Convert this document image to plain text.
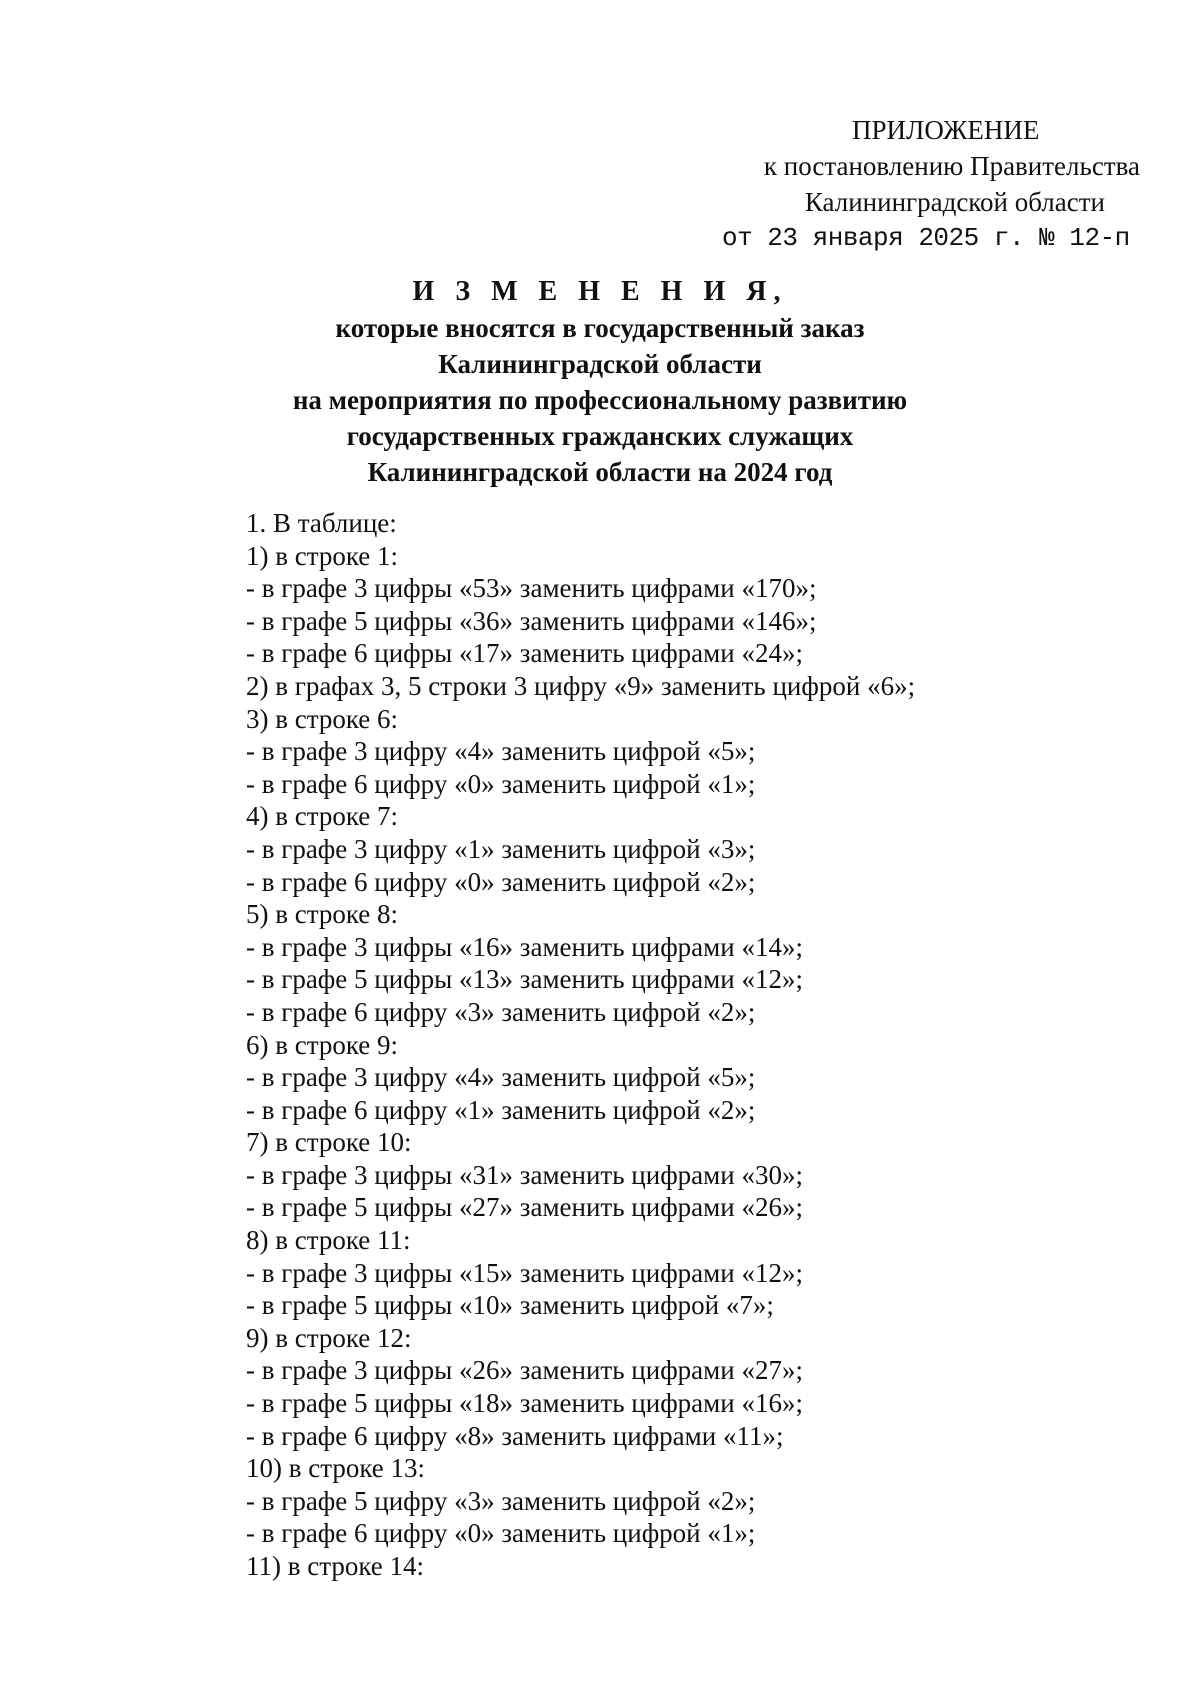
ПРИЛОЖЕНИЕ
к постановлению Правительства
Калининградской области
от 23 января 2025 г. № 12-п
И З М Е Н Е Н И Я,
которые вносятся в государственный заказ
Калининградской области
на мероприятия по профессиональному развитию
государственных гражданских служащих
Калининградской области на 2024 год
1. В таблице:
1) в строке 1:
- в графе 3 цифры «53» заменить цифрами «170»;
- в графе 5 цифры «36» заменить цифрами «146»;
- в графе 6 цифры «17» заменить цифрами «24»;
2) в графах 3, 5 строки 3 цифру «9» заменить цифрой «6»;
3) в строке 6:
- в графе 3 цифру «4» заменить цифрой «5»;
- в графе 6 цифру «0» заменить цифрой «1»;
4) в строке 7:
- в графе 3 цифру «1» заменить цифрой «3»;
- в графе 6 цифру «0» заменить цифрой «2»;
5) в строке 8:
- в графе 3 цифры «16» заменить цифрами «14»;
- в графе 5 цифры «13» заменить цифрами «12»;
- в графе 6 цифру «3» заменить цифрой «2»;
6) в строке 9:
- в графе 3 цифру «4» заменить цифрой «5»;
- в графе 6 цифру «1» заменить цифрой «2»;
7) в строке 10:
- в графе 3 цифры «31» заменить цифрами «30»;
- в графе 5 цифры «27» заменить цифрами «26»;
8) в строке 11:
- в графе 3 цифры «15» заменить цифрами «12»;
- в графе 5 цифры «10» заменить цифрой «7»;
9) в строке 12:
- в графе 3 цифры «26» заменить цифрами «27»;
- в графе 5 цифры «18» заменить цифрами «16»;
- в графе 6 цифру «8» заменить цифрами «11»;
10) в строке 13:
- в графе 5 цифру «3» заменить цифрой «2»;
- в графе 6 цифру «0» заменить цифрой «1»;
11) в строке 14:
